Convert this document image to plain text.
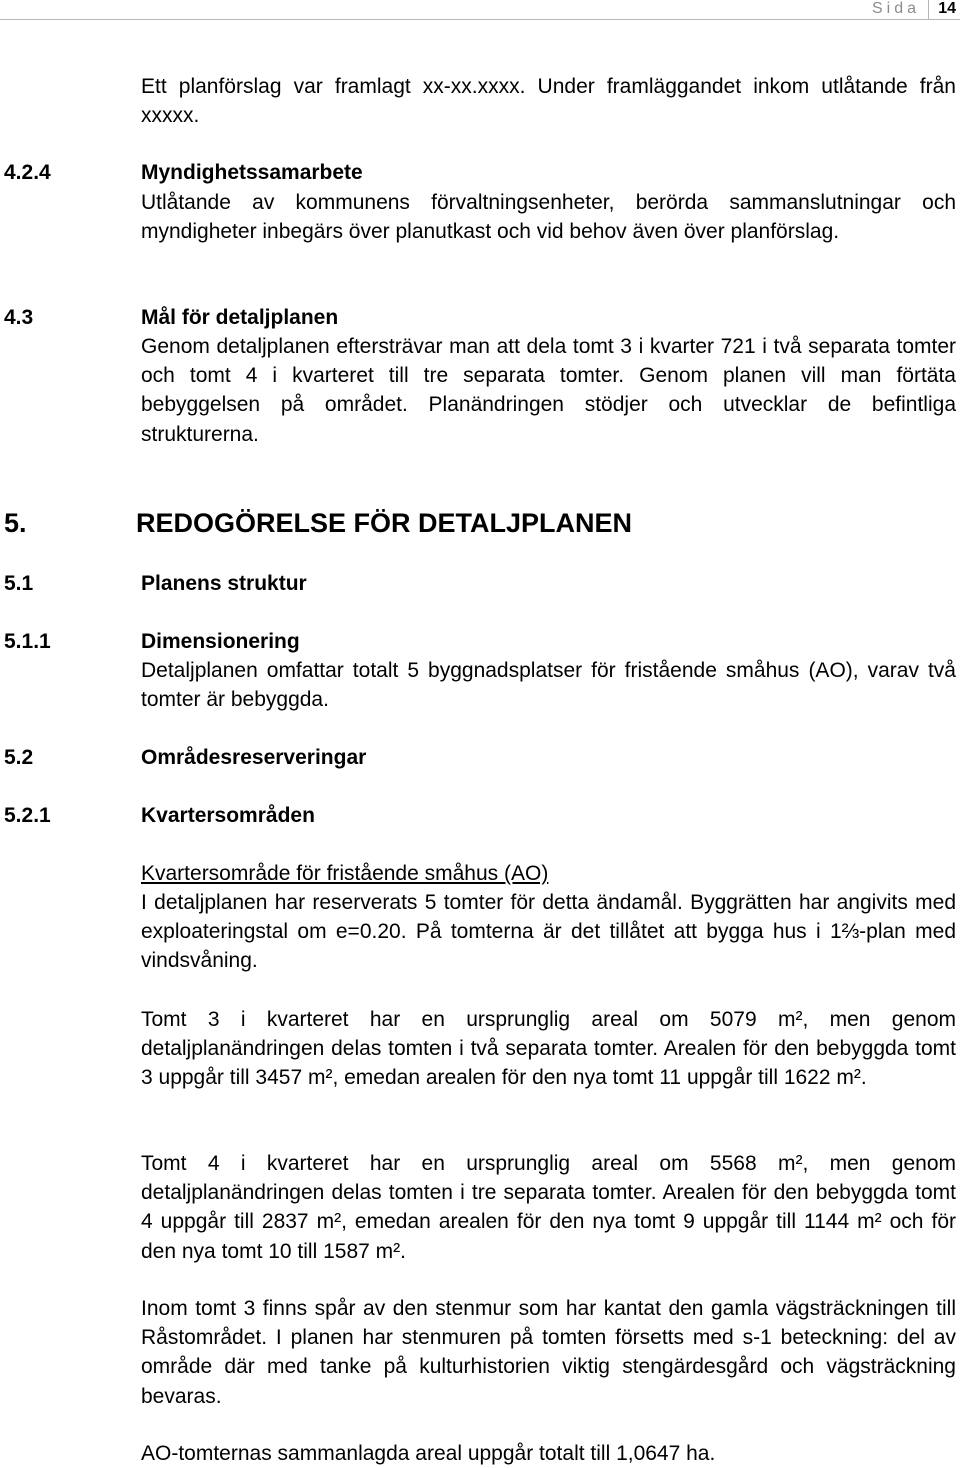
Sida 14
Ett planförslag var framlagt xx-xx.xxxx. Under framläggandet inkom utlåtande från xxxxx.
4.2.4	Myndighetssamarbete
Utlåtande av kommunens förvaltningsenheter, berörda sammanslutningar och myndigheter inbegärs över planutkast och vid behov även över planförslag.
4.3	Mål för detaljplanen
Genom detaljplanen eftersträvar man att dela tomt 3 i kvarter 721 i två separata tomter och tomt 4 i kvarteret till tre separata tomter. Genom planen vill man förtäta bebyggelsen på området. Planändringen stödjer och utvecklar de befintliga strukturerna.
5.	REDOGÖRELSE FÖR DETALJPLANEN
5.1	Planens struktur
5.1.1	Dimensionering
Detaljplanen omfattar totalt 5 byggnadsplatser för fristående småhus (AO), varav två tomter är bebyggda.
5.2	Områdesreserveringar
5.2.1	Kvartersområden
Kvartersområde för fristående småhus (AO)
I detaljplanen har reserverats 5 tomter för detta ändamål. Byggrätten har angivits med exploateringstal om e=0.20. På tomterna är det tillåtet att bygga hus i 1⅔-plan med vindsvåning.
Tomt 3 i kvarteret har en ursprunglig areal om 5079 m², men genom detaljplanändringen delas tomten i två separata tomter. Arealen för den bebyggda tomt 3 uppgår till 3457 m², emedan arealen för den nya tomt 11 uppgår till 1622 m².
Tomt 4 i kvarteret har en ursprunglig areal om 5568 m², men genom detaljplanändringen delas tomten i tre separata tomter. Arealen för den bebyggda tomt 4 uppgår till 2837 m², emedan arealen för den nya tomt 9 uppgår till 1144 m² och för den nya tomt 10 till 1587 m².
Inom tomt 3 finns spår av den stenmur som har kantat den gamla vägsträckningen till Råstområdet. I planen har stenmuren på tomten försetts med s-1 beteckning: del av område där med tanke på kulturhistorien viktig stengärdesgård och vägsträckning bevaras.
AO-tomternas sammanlagda areal uppgår totalt till 1,0647 ha.
